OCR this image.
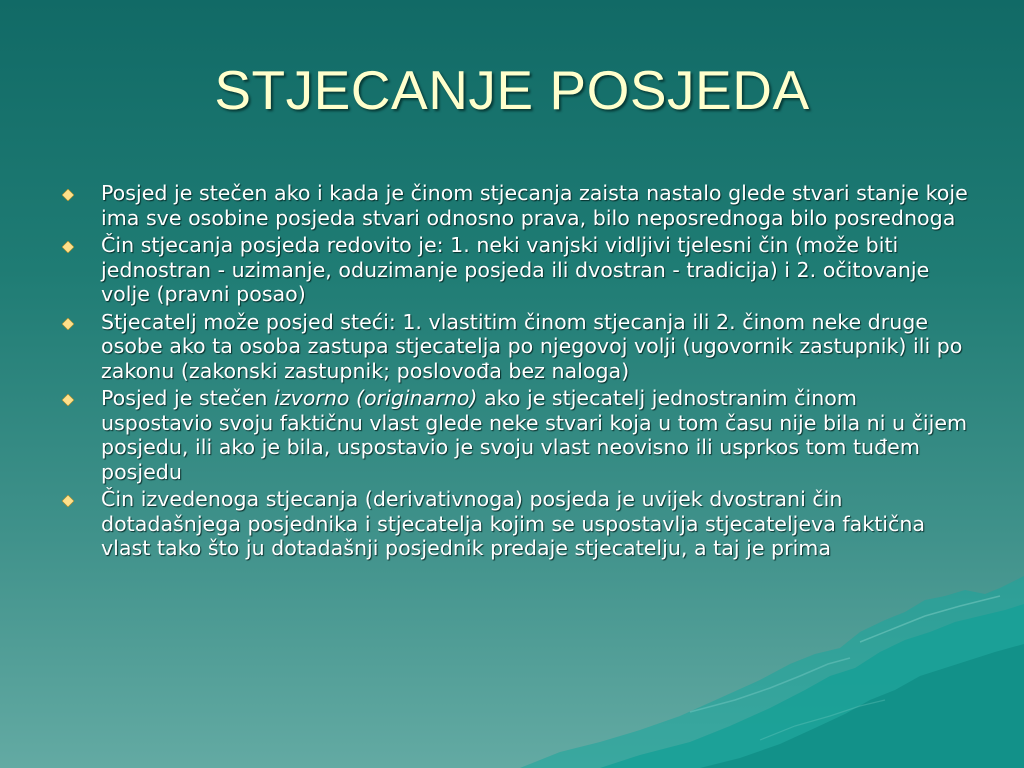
STJECANJE POSJEDA
Posjed je stečen ako i kada je činom stjecanja zaista nastalo glede stvari stanje koje ima sve osobine posjeda stvari odnosno prava, bilo neposrednoga bilo posrednoga
Čin stjecanja posjeda redovito je: 1. neki vanjski vidljivi tjelesni čin (može biti jednostran - uzimanje, oduzimanje posjeda ili dvostran - tradicija) i 2. očitovanje volje (pravni posao)
Stjecatelj može posjed steći: 1. vlastitim činom stjecanja ili 2. činom neke druge osobe ako ta osoba zastupa stjecatelja po njegovoj volji (ugovornik zastupnik) ili po zakonu (zakonski zastupnik; poslovođa bez naloga)
Posjed je stečen izvorno (originarno) ako je stjecatelj jednostranim činom uspostavio svoju faktičnu vlast glede neke stvari koja u tom času nije bila ni u čijem posjedu, ili ako je bila, uspostavio je svoju vlast neovisno ili usprkos tom tuđem posjedu
Čin izvedenoga stjecanja (derivativnoga) posjeda je uvijek dvostrani čin dotadašnjega posjednika i stjecatelja kojim se uspostavlja stjecateljeva faktična vlast tako što ju dotadašnji posjednik predaje stjecatelju, a taj je prima
